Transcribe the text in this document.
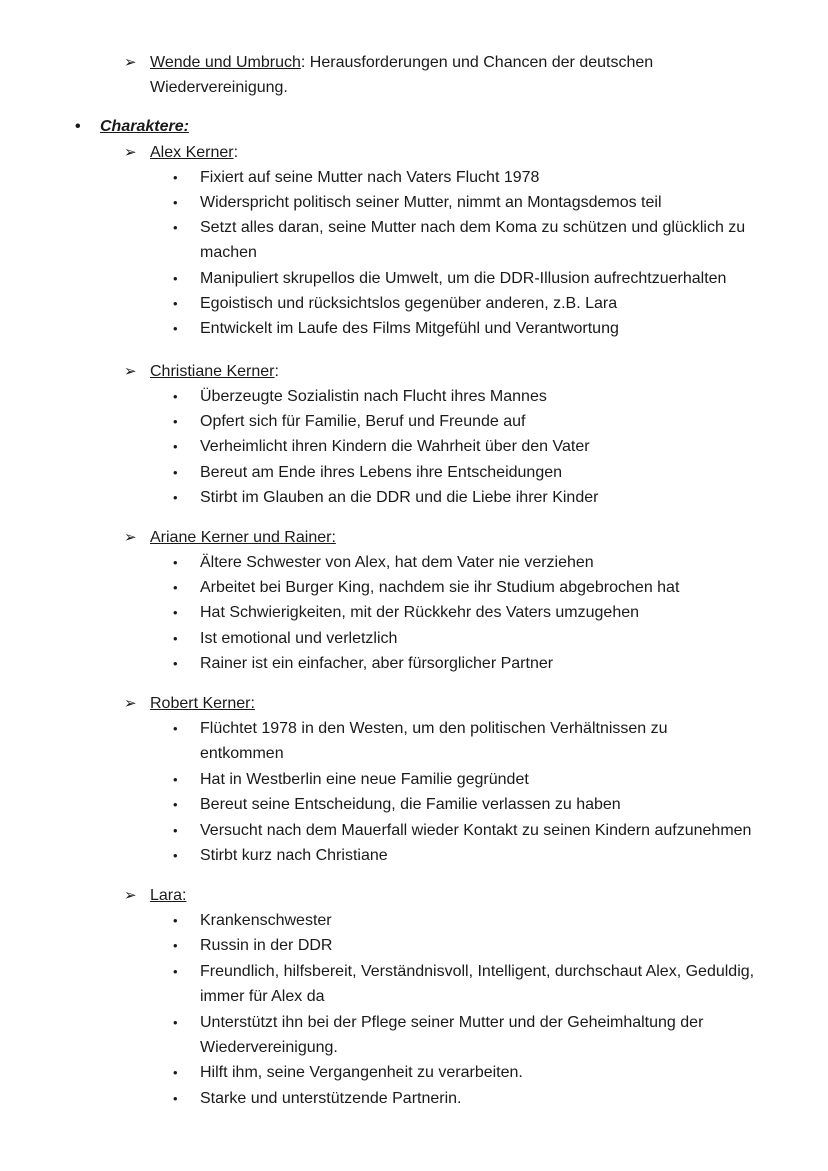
➢ Wende und Umbruch: Herausforderungen und Chancen der deutschen
Wiedervereinigung.
• Charaktere:
➢ Alex Kerner:
• Fixiert auf seine Mutter nach Vaters Flucht 1978
• Widerspricht politisch seiner Mutter, nimmt an Montagsdemos teil
• Setzt alles daran, seine Mutter nach dem Koma zu schützen und glücklich zu
machen
• Manipuliert skrupellos die Umwelt, um die DDR-Illusion aufrechtzuerhalten
• Egoistisch und rücksichtslos gegenüber anderen, z.B. Lara
• Entwickelt im Laufe des Films Mitgefühl und Verantwortung
➢ Christiane Kerner:
• Überzeugte Sozialistin nach Flucht ihres Mannes
• Opfert sich für Familie, Beruf und Freunde auf
• Verheimlicht ihren Kindern die Wahrheit über den Vater
• Bereut am Ende ihres Lebens ihre Entscheidungen
• Stirbt im Glauben an die DDR und die Liebe ihrer Kinder
➢ Ariane Kerner und Rainer:
• Ältere Schwester von Alex, hat dem Vater nie verziehen
• Arbeitet bei Burger King, nachdem sie ihr Studium abgebrochen hat
• Hat Schwierigkeiten, mit der Rückkehr des Vaters umzugehen
• Ist emotional und verletzlich
• Rainer ist ein einfacher, aber fürsorglicher Partner
➢ Robert Kerner:
• Flüchtet 1978 in den Westen, um den politischen Verhältnissen zu
entkommen
• Hat in Westberlin eine neue Familie gegründet
• Bereut seine Entscheidung, die Familie verlassen zu haben
• Versucht nach dem Mauerfall wieder Kontakt zu seinen Kindern aufzunehmen
• Stirbt kurz nach Christiane
➢ Lara:
• Krankenschwester
• Russin in der DDR
• Freundlich, hilfsbereit, Verständnisvoll, Intelligent, durchschaut Alex, Geduldig,
immer für Alex da
• Unterstützt ihn bei der Pflege seiner Mutter und der Geheimhaltung der
Wiedervereinigung.
• Hilft ihm, seine Vergangenheit zu verarbeiten.
• Starke und unterstützende Partnerin.
